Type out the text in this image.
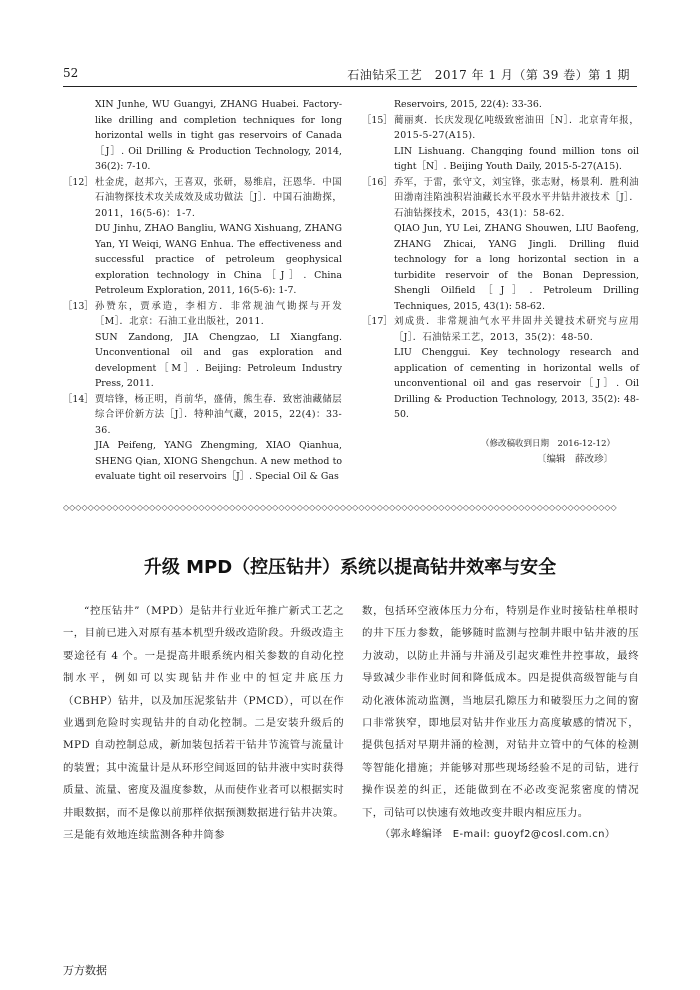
52	石油钻采工艺　2017 年 1 月（第 39 卷）第 1 期

XIN Junhe, WU Guangyi, ZHANG Huabei. Factory-like drilling and completion techniques for long horizontal wells in tight gas reservoirs of Canada［J］. Oil Drilling & Production Technology, 2014, 36(2): 7-10.

［12］ 杜金虎，赵邦六，王喜双，张研，易维启，汪恩华．中国石油物探技术攻关成效及成功做法［J］．中国石油勘探，2011，16(5-6)：1-7.

DU Jinhu, ZHAO Bangliu, WANG Xishuang, ZHANG Yan, YI Weiqi, WANG Enhua. The effectiveness and successful practice of petroleum geophysical exploration technology in China［J］. China Petroleum Exploration, 2011, 16(5-6): 1-7.

［13］ 孙赞东，贾承造，李相方．非常规油气勘探与开发［M］．北京：石油工业出版社，2011.

SUN Zandong, JIA Chengzao, LI Xiangfang. Unconventional oil and gas exploration and development［M］. Beijing: Petroleum Industry Press, 2011.

［14］ 贾培锋，杨正明，肖前华，盛倩，熊生春．致密油藏储层综合评价新方法［J］．特种油气藏，2015，22(4)：33-36.

JIA Peifeng, YANG Zhengming, XIAO Qianhua, SHENG Qian, XIONG Shengchun. A new method to evaluate tight oil reservoirs［J］. Special Oil & Gas

Reservoirs, 2015, 22(4): 33-36.

［15］ 蔺丽爽．长庆发现亿吨级致密油田［N］．北京青年报，2015-5-27(A15).

LIN Lishuang. Changqing found million tons oil tight［N］. Beijing Youth Daily, 2015-5-27(A15).

［16］ 乔军，于雷，张守文，刘宝锋，张志财，杨景利．胜利油田渤南洼陷浊积岩油藏长水平段水平井钻井液技术［J］．石油钻探技术，2015，43(1)：58-62.

QIAO Jun, YU Lei, ZHANG Shouwen, LIU Baofeng, ZHANG Zhicai, YANG Jingli. Drilling fluid technology for a long horizontal section in a turbidite reservoir of the Bonan Depression, Shengli Oilfield［J］. Petroleum Drilling Techniques, 2015, 43(1): 58-62.

［17］ 刘成贵．非常规油气水平井固井关键技术研究与应用［J］．石油钻采工艺，2013，35(2)：48-50.

LIU Chenggui. Key technology research and application of cementing in horizontal wells of unconventional oil and gas reservoir［J］. Oil Drilling & Production Technology, 2013, 35(2): 48-50.

（修改稿收到日期　2016-12-12）
〔编辑　薛改珍〕
◇◇◇◇◇◇◇◇◇◇◇◇◇◇◇◇◇◇◇◇◇◇◇◇◇◇◇◇◇◇◇◇◇◇◇◇◇◇◇◇◇◇◇◇◇◇◇◇◇◇◇◇◇◇◇◇◇◇◇◇◇◇◇◇◇◇◇◇◇◇◇◇◇◇◇◇◇◇◇◇◇◇◇◇◇◇◇◇◇◇
升级 MPD（控压钻井）系统以提高钻井效率与安全

“控压钻井”（MPD）是钻井行业近年推广新式工艺之一，目前已进入对原有基本机型升级改造阶段。升级改造主要途径有 4 个。一是提高井眼系统内相关参数的自动化控制水平，例如可以实现钻井作业中的恒定井底压力（CBHP）钻井，以及加压泥浆钻井（PMCD），可以在作业遇到危险时实现钻井的自动化控制。二是安装升级后的 MPD 自动控制总成，新加装包括若干钻井节流管与流量计的装置；其中流量计是从环形空间返回的钻井液中实时获得质量、流量、密度及温度参数，从而使作业者可以根据实时井眼数据，而不是像以前那样依据预测数据进行钻井决策。三是能有效地连续监测各种井筒参

数，包括环空液体压力分布，特别是作业时接钻柱单根时的井下压力参数，能够随时监测与控制井眼中钻井液的压力波动，以防止井涌与井涌及引起灾难性井控事故，最终导致减少非作业时间和降低成本。四是提供高级智能与自动化液体流动监测，当地层孔隙压力和破裂压力之间的窗口非常狭窄，即地层对钻井作业压力高度敏感的情况下，提供包括对早期井涌的检测，对钻井立管中的气体的检测等智能化措施；并能够对那些现场经验不足的司钻，进行操作误差的纠正，还能做到在不必改变泥浆密度的情况下，司钻可以快速有效地改变井眼内相应压力。

（郭永峰编译　E-mail: guoyf2@cosl.com.cn）

万方数据
